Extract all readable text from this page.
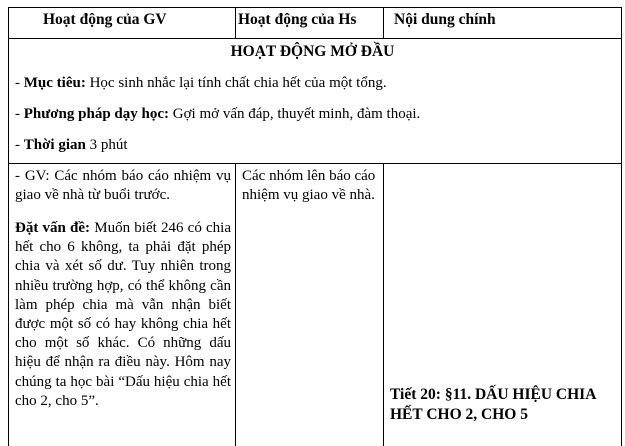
Hoạt động của GV	Hoạt động của Hs Nội dung chính
HOẠT ĐỘNG MỞ ĐẦU
- Mục tiêu: Học sinh nhắc lại tính chất chia hết của một tổng.
- Phương pháp dạy học: Gợi mở vấn đáp, thuyết minh, đàm thoại.
- Thời gian 3 phút
- GV: Các nhóm báo cáo nhiệm vụ giao về nhà từ buổi trước.
Đặt vấn đề: Muốn biết 246 có chia hết cho 6 không, ta phải đặt phép chia và xét số dư. Tuy nhiên trong nhiều trường hợp, có thể không cần làm phép chia mà vẫn nhận biết được một số có hay không chia hết cho một số khác. Có những dấu hiệu để nhận ra điều này. Hôm nay chúng ta học bài “Dấu hiệu chia hết cho 2, cho 5”.
Các nhóm lên báo cáo nhiệm vụ giao về nhà.
Tiết 20: §11. DẤU HIỆU CHIA HẾT CHO 2, CHO 5
